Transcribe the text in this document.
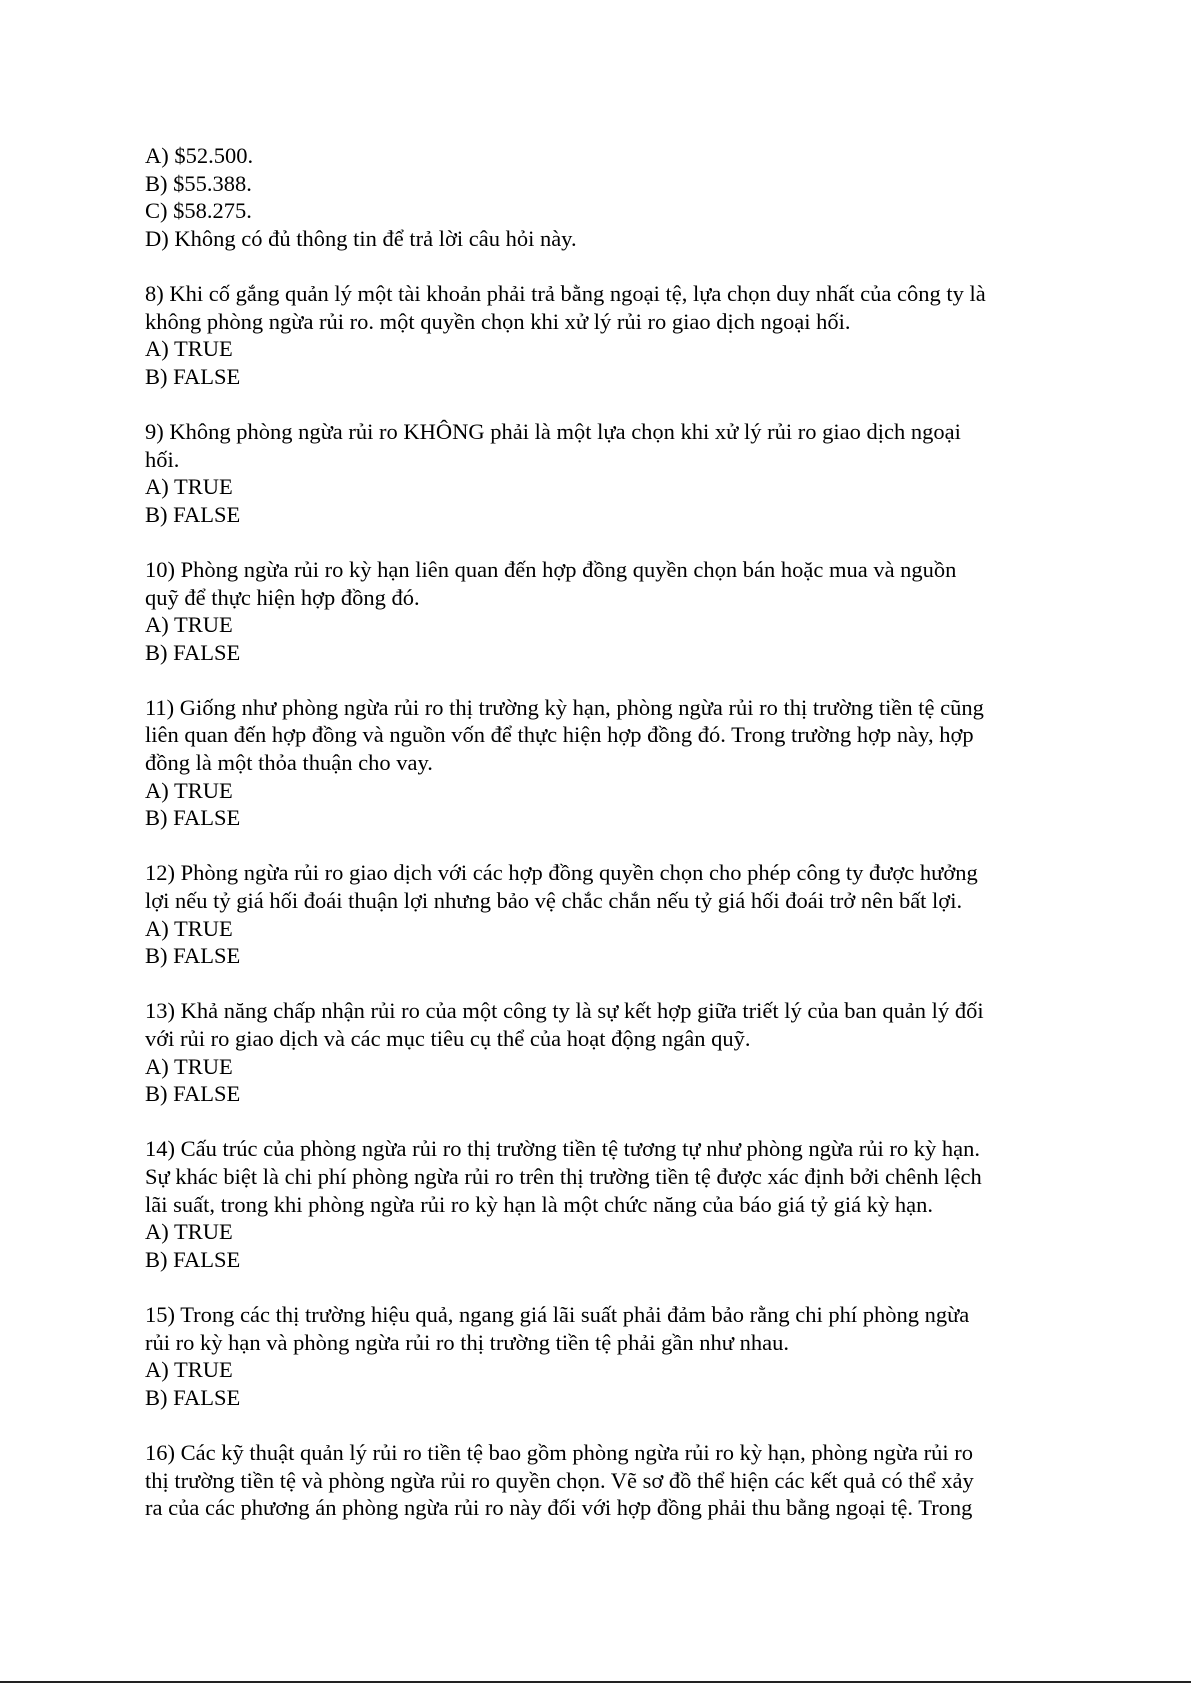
A) $52.500.
B) $55.388.
C) $58.275.
D) Không có đủ thông tin để trả lời câu hỏi này.
8) Khi cố gắng quản lý một tài khoản phải trả bằng ngoại tệ, lựa chọn duy nhất của công ty là
không phòng ngừa rủi ro. một quyền chọn khi xử lý rủi ro giao dịch ngoại hối.
A) TRUE
B) FALSE
9) Không phòng ngừa rủi ro KHÔNG phải là một lựa chọn khi xử lý rủi ro giao dịch ngoại
hối.
A) TRUE
B) FALSE
10) Phòng ngừa rủi ro kỳ hạn liên quan đến hợp đồng quyền chọn bán hoặc mua và nguồn
quỹ để thực hiện hợp đồng đó.
A) TRUE
B) FALSE
11) Giống như phòng ngừa rủi ro thị trường kỳ hạn, phòng ngừa rủi ro thị trường tiền tệ cũng
liên quan đến hợp đồng và nguồn vốn để thực hiện hợp đồng đó. Trong trường hợp này, hợp
đồng là một thỏa thuận cho vay.
A) TRUE
B) FALSE
12) Phòng ngừa rủi ro giao dịch với các hợp đồng quyền chọn cho phép công ty được hưởng
lợi nếu tỷ giá hối đoái thuận lợi nhưng bảo vệ chắc chắn nếu tỷ giá hối đoái trở nên bất lợi.
A) TRUE
B) FALSE
13) Khả năng chấp nhận rủi ro của một công ty là sự kết hợp giữa triết lý của ban quản lý đối
với rủi ro giao dịch và các mục tiêu cụ thể của hoạt động ngân quỹ.
A) TRUE
B) FALSE
14) Cấu trúc của phòng ngừa rủi ro thị trường tiền tệ tương tự như phòng ngừa rủi ro kỳ hạn.
Sự khác biệt là chi phí phòng ngừa rủi ro trên thị trường tiền tệ được xác định bởi chênh lệch
lãi suất, trong khi phòng ngừa rủi ro kỳ hạn là một chức năng của báo giá tỷ giá kỳ hạn.
A) TRUE
B) FALSE
15) Trong các thị trường hiệu quả, ngang giá lãi suất phải đảm bảo rằng chi phí phòng ngừa
rủi ro kỳ hạn và phòng ngừa rủi ro thị trường tiền tệ phải gần như nhau.
A) TRUE
B) FALSE
16) Các kỹ thuật quản lý rủi ro tiền tệ bao gồm phòng ngừa rủi ro kỳ hạn, phòng ngừa rủi ro
thị trường tiền tệ và phòng ngừa rủi ro quyền chọn. Vẽ sơ đồ thể hiện các kết quả có thể xảy
ra của các phương án phòng ngừa rủi ro này đối với hợp đồng phải thu bằng ngoại tệ. Trong
